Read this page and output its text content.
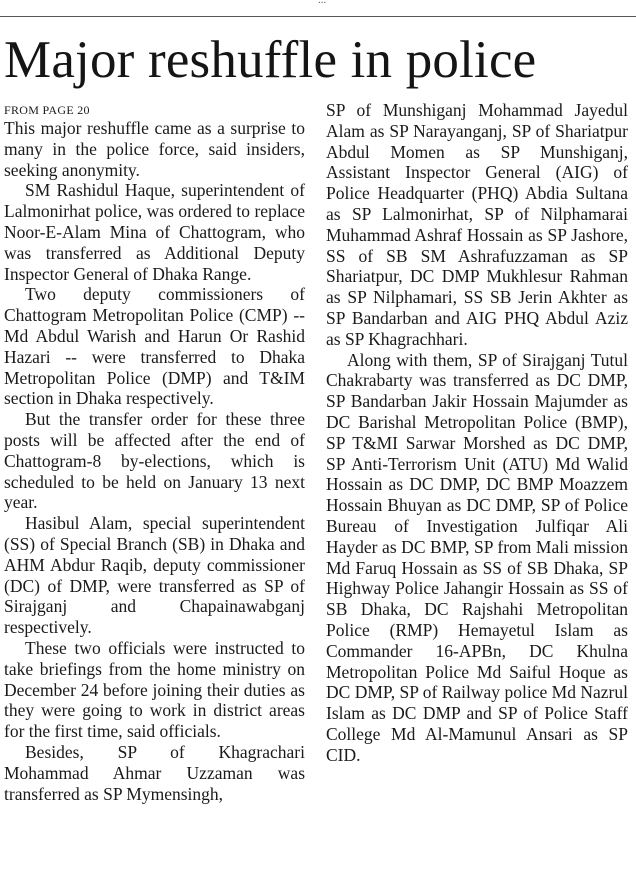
...
Major reshuffle in police
FROM PAGE 20

This major reshuffle came as a surprise to many in the police force, said insiders, seeking anonymity.

SM Rashidul Haque, superintendent of Lalmonirhat police, was ordered to replace Noor-E-Alam Mina of Chattogram, who was transferred as Additional Deputy Inspector General of Dhaka Range.

Two deputy commissioners of Chattogram Metropolitan Police (CMP) -- Md Abdul Warish and Harun Or Rashid Hazari -- were transferred to Dhaka Metropolitan Police (DMP) and T&IM section in Dhaka respectively.

But the transfer order for these three posts will be affected after the end of Chattogram-8 by-elections, which is scheduled to be held on January 13 next year.

Hasibul Alam, special superintendent (SS) of Special Branch (SB) in Dhaka and AHM Abdur Raqib, deputy commissioner (DC) of DMP, were transferred as SP of Sirajganj and Chapainawabganj respectively.

These two officials were instructed to take briefings from the home ministry on December 24 before joining their duties as they were going to work in district areas for the first time, said officials.

Besides, SP of Khagrachari Mohammad Ahmar Uzzaman was transferred as SP Mymensingh,

SP of Munshiganj Mohammad Jayedul Alam as SP Narayanganj, SP of Shariatpur Abdul Momen as SP Munshiganj, Assistant Inspector General (AIG) of Police Headquarter (PHQ) Abdia Sultana as SP Lalmonirhat, SP of Nilphamarai Muhammad Ashraf Hossain as SP Jashore, SS of SB SM Ashrafuzzaman as SP Shariatpur, DC DMP Mukhlesur Rahman as SP Nilphamari, SS SB Jerin Akhter as SP Bandarban and AIG PHQ Abdul Aziz as SP Khagrachhari.

Along with them, SP of Sirajganj Tutul Chakrabarty was transferred as DC DMP, SP Bandarban Jakir Hossain Majumder as DC Barishal Metropolitan Police (BMP), SP T&MI Sarwar Morshed as DC DMP, SP Anti-Terrorism Unit (ATU) Md Walid Hossain as DC DMP, DC BMP Moazzem Hossain Bhuyan as DC DMP, SP of Police Bureau of Investigation Julfiqar Ali Hayder as DC BMP, SP from Mali mission Md Faruq Hossain as SS of SB Dhaka, SP Highway Police Jahangir Hossain as SS of SB Dhaka, DC Rajshahi Metropolitan Police (RMP) Hemayetul Islam as Commander 16-APBn, DC Khulna Metropolitan Police Md Saiful Hoque as DC DMP, SP of Railway police Md Nazrul Islam as DC DMP and SP of Police Staff College Md Al-Mamunul Ansari as SP CID.
